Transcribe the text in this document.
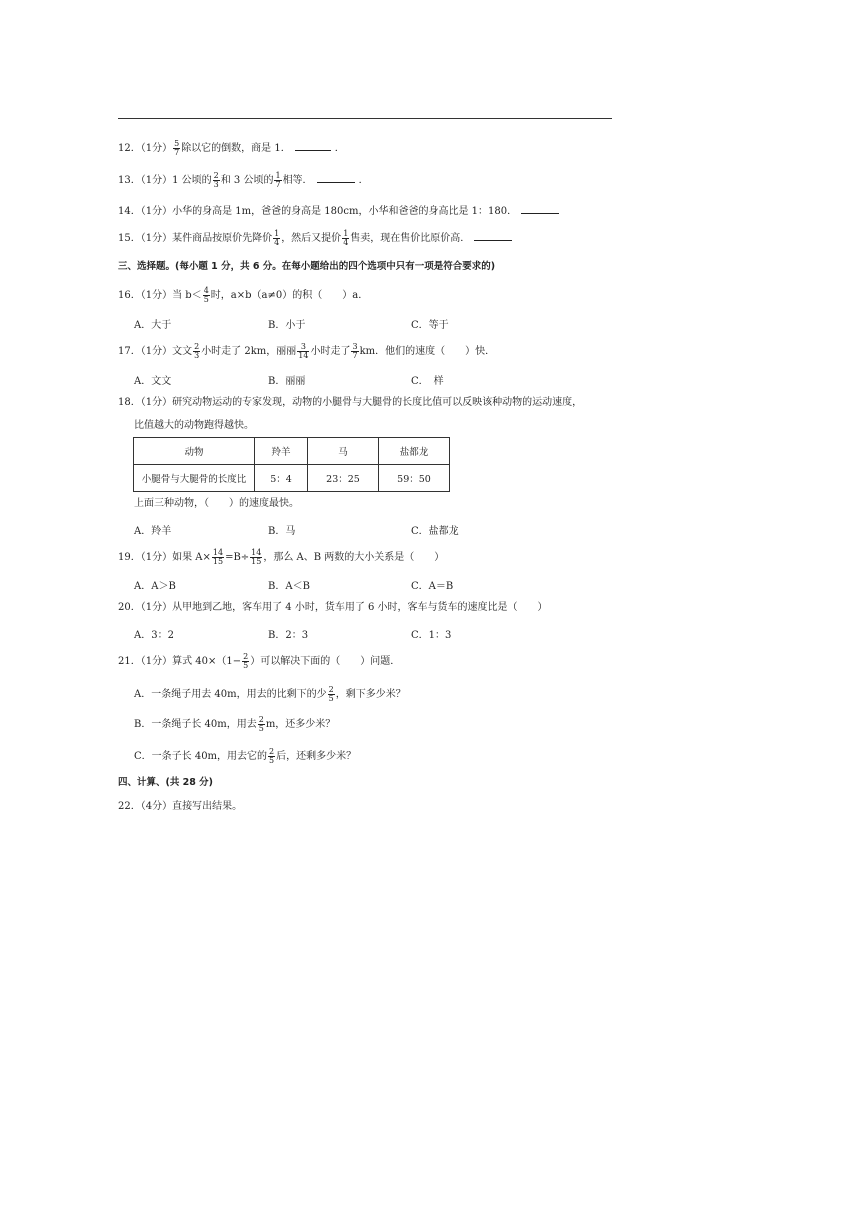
12．（1分） $\frac{5}{7}$ 除以它的倒数，商是 1．	．
13．（1分）1 公顷的 $\frac{2}{3}$ 和 3 公顷的 $\frac{1}{7}$ 相等．	．
14．（1分）小华的身高是 1m，爸爸的身高是 180cm，小华和爸爸的身高比是 1：180．
15．（1分）某件商品按原价先降价 $\frac{1}{4}$ ，然后又提价 $\frac{1}{4}$ 售卖，现在售价比原价高．
三、选择题。(每小题 1 分，共 6 分。在每小题给出的四个选项中只有一项是符合要求的)
16．（1分）当 $b< \frac{4}{5}$ 时，a×b（a≠0）的积（　　）a．
A．大于	B．小于	C．等于
17．（1分）文文 $\frac{2}{3}$ 小时走了 2km，丽丽 $\frac{3}{14}$ 小时走了 $\frac{3}{7}$ km．他们的速度（　　）快．
A．文文	B．丽丽	C．　样
18．（1分）研究动物运动的专家发现，动物的小腿骨与大腿骨的长度比值可以反映该种动物的运动速度，
比值越大的动物跑得越快。
动物	羚羊	马	盐都龙
小腿骨与大腿骨的长度比	5：4	23：25	59：50
上面三种动物，（　　）的速度最快。
A．羚羊	B．马	C．盐都龙
19．（1分）如果 $A\times \frac{14}{15} =B\div \frac{14}{15}$ ，那么 A、B 两数的大小关系是（　　）
A．A＞B	B．A＜B	C．A＝B
20．（1分）从甲地到乙地，客车用了 4 小时，货车用了 6 小时，客车与货车的速度比是（　　）
A．3：2	B．2：3	C．1：3
21．（1分）算式 $40\times(1- \frac{2}{5}$ ）可以解决下面的（　　）问题．
A．一条绳子用去 40m，用去的比剩下的少 $\frac{2}{5}$ ，剩下多少米？
B．一条绳子长 40m，用去 $\frac{2}{5}$ m，还多少米？
C．一条子长 40m，用去它的 $\frac{2}{5}$ 后，还剩多少米？
四、计算、(共 28 分)
22．（4分）直接写出结果。
